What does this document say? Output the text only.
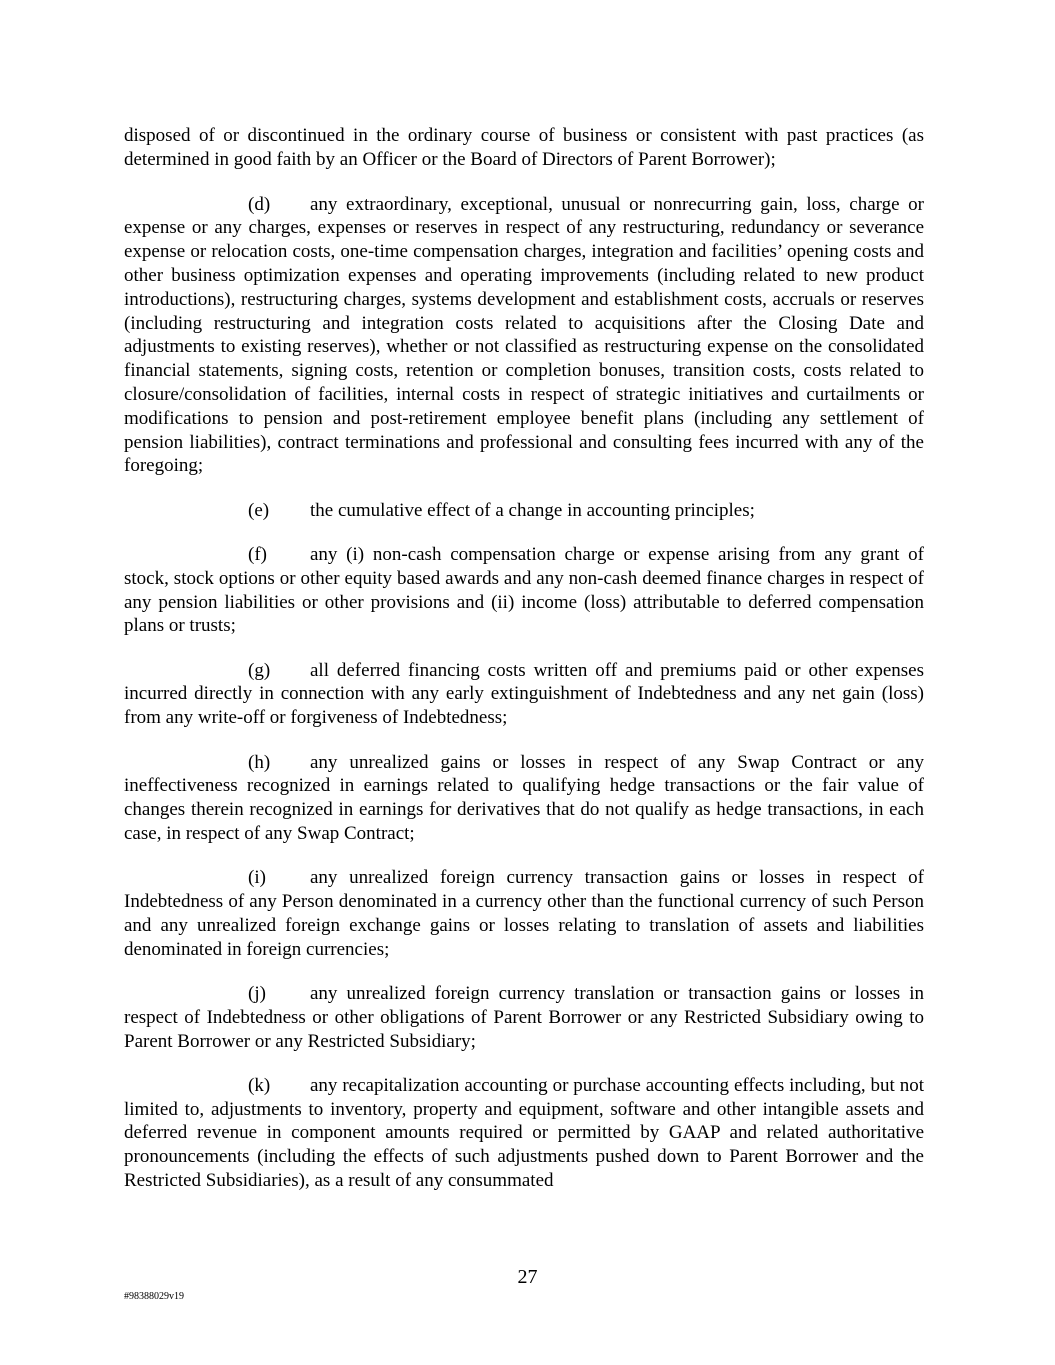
disposed of or discontinued in the ordinary course of business or consistent with past practices (as determined in good faith by an Officer or the Board of Directors of Parent Borrower);

(d) any extraordinary, exceptional, unusual or nonrecurring gain, loss, charge or expense or any charges, expenses or reserves in respect of any restructuring, redundancy or severance expense or relocation costs, one-time compensation charges, integration and facilities’ opening costs and other business optimization expenses and operating improvements (including related to new product introductions), restructuring charges, systems development and establishment costs, accruals or reserves (including restructuring and integration costs related to acquisitions after the Closing Date and adjustments to existing reserves), whether or not classified as restructuring expense on the consolidated financial statements, signing costs, retention or completion bonuses, transition costs, costs related to closure/consolidation of facilities, internal costs in respect of strategic initiatives and curtailments or modifications to pension and post-retirement employee benefit plans (including any settlement of pension liabilities), contract terminations and professional and consulting fees incurred with any of the foregoing;

(e) the cumulative effect of a change in accounting principles;

(f) any (i) non-cash compensation charge or expense arising from any grant of stock, stock options or other equity based awards and any non-cash deemed finance charges in respect of any pension liabilities or other provisions and (ii) income (loss) attributable to deferred compensation plans or trusts;

(g) all deferred financing costs written off and premiums paid or other expenses incurred directly in connection with any early extinguishment of Indebtedness and any net gain (loss) from any write-off or forgiveness of Indebtedness;

(h) any unrealized gains or losses in respect of any Swap Contract or any ineffectiveness recognized in earnings related to qualifying hedge transactions or the fair value of changes therein recognized in earnings for derivatives that do not qualify as hedge transactions, in each case, in respect of any Swap Contract;

(i) any unrealized foreign currency transaction gains or losses in respect of Indebtedness of any Person denominated in a currency other than the functional currency of such Person and any unrealized foreign exchange gains or losses relating to translation of assets and liabilities denominated in foreign currencies;

(j) any unrealized foreign currency translation or transaction gains or losses in respect of Indebtedness or other obligations of Parent Borrower or any Restricted Subsidiary owing to Parent Borrower or any Restricted Subsidiary;

(k) any recapitalization accounting or purchase accounting effects including, but not limited to, adjustments to inventory, property and equipment, software and other intangible assets and deferred revenue in component amounts required or permitted by GAAP and related authoritative pronouncements (including the effects of such adjustments pushed down to Parent Borrower and the Restricted Subsidiaries), as a result of any consummated

27
#98388029v19
